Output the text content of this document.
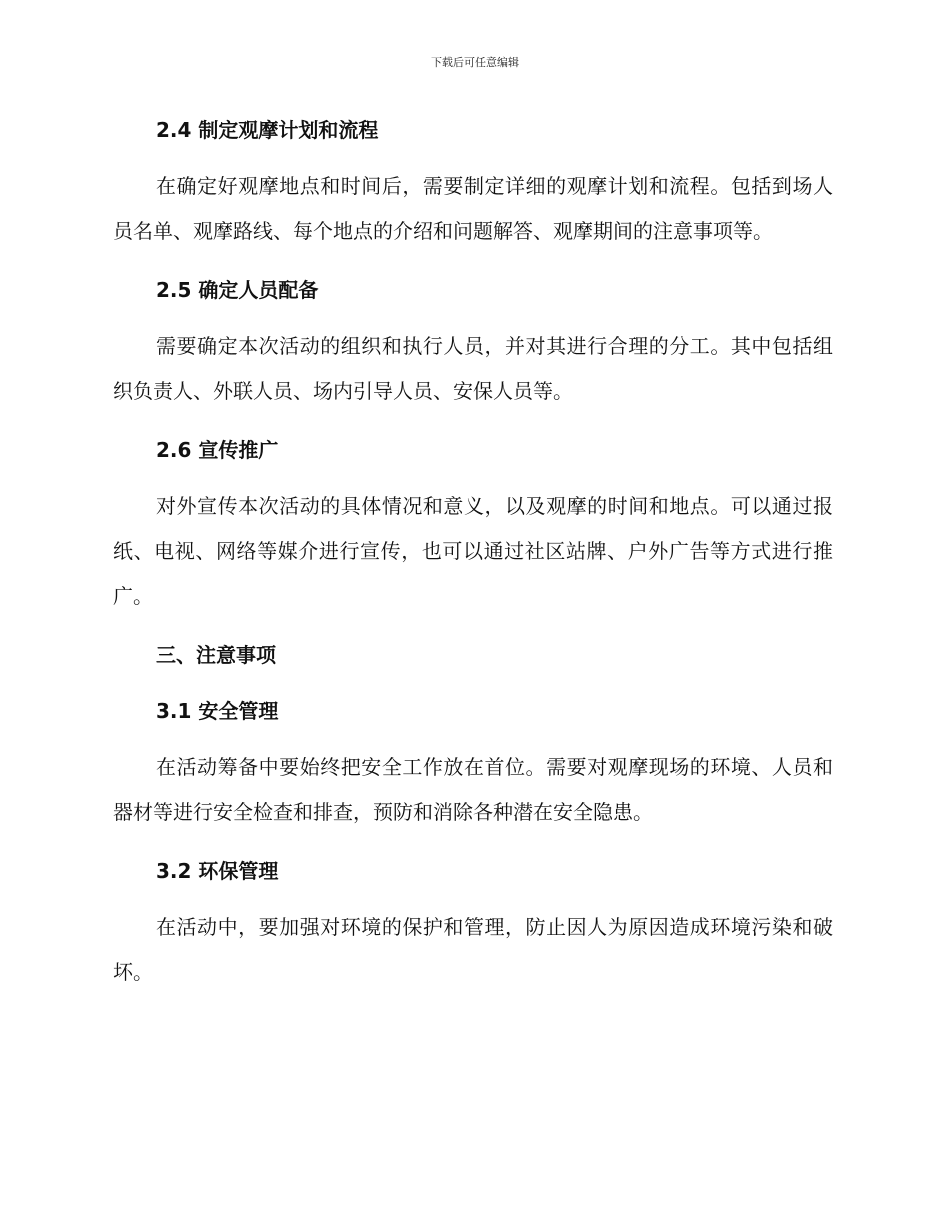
下载后可任意编辑
2.4 制定观摩计划和流程

在确定好观摩地点和时间后，需要制定详细的观摩计划和流程。包括到场人员名单、观摩路线、每个地点的介绍和问题解答、观摩期间的注意事项等。

2.5 确定人员配备

需要确定本次活动的组织和执行人员，并对其进行合理的分工。其中包括组织负责人、外联人员、场内引导人员、安保人员等。

2.6 宣传推广

对外宣传本次活动的具体情况和意义，以及观摩的时间和地点。可以通过报纸、电视、网络等媒介进行宣传，也可以通过社区站牌、户外广告等方式进行推广。

三、注意事项
3.1 安全管理

在活动筹备中要始终把安全工作放在首位。需要对观摩现场的环境、人员和器材等进行安全检查和排查，预防和消除各种潜在安全隐患。

3.2 环保管理

在活动中，要加强对环境的保护和管理，防止因人为原因造成环境污染和破坏。
